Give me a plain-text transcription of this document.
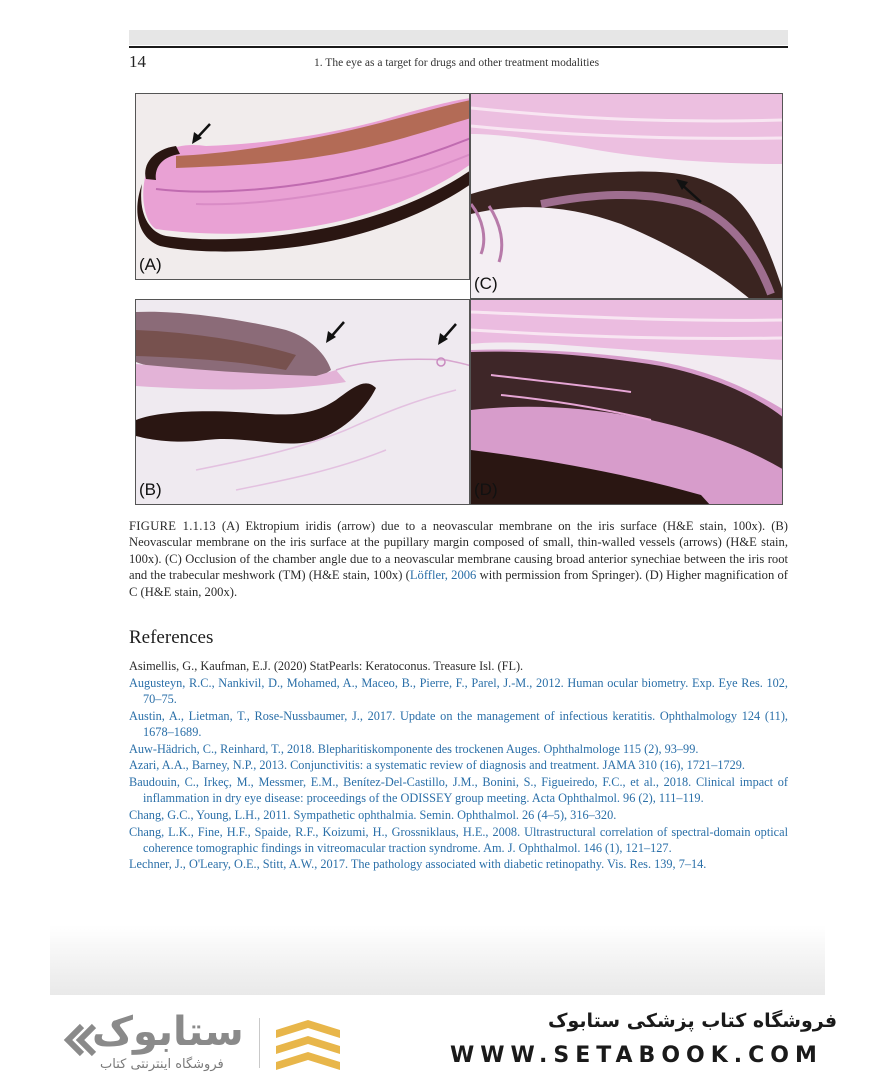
14	1. The eye as a target for drugs and other treatment modalities
(A)
(B)
(C)
(D)
FIGURE 1.1.13 (A) Ektropium iridis (arrow) due to a neovascular membrane on the iris surface (H&E stain, 100x). (B) Neovascular membrane on the iris surface at the pupillary margin composed of small, thin-walled vessels (arrows) (H&E stain, 100x). (C) Occlusion of the chamber angle due to a neovascular membrane causing broad anterior synechiae between the iris root and the trabecular meshwork (TM) (H&E stain, 100x) (Löffler, 2006 with permission from Springer). (D) Higher magnification of C (H&E stain, 200x).
References
Asimellis, G., Kaufman, E.J. (2020) StatPearls: Keratoconus. Treasure Isl. (FL).
Augusteyn, R.C., Nankivil, D., Mohamed, A., Maceo, B., Pierre, F., Parel, J.-M., 2012. Human ocular biometry. Exp. Eye Res. 102, 70–75.
Austin, A., Lietman, T., Rose-Nussbaumer, J., 2017. Update on the management of infectious keratitis. Ophthalmology 124 (11), 1678–1689.
Auw-Hädrich, C., Reinhard, T., 2018. Blepharitiskomponente des trockenen Auges. Ophthalmologe 115 (2), 93–99.
Azari, A.A., Barney, N.P., 2013. Conjunctivitis: a systematic review of diagnosis and treatment. JAMA 310 (16), 1721–1729.
Baudouin, C., Irkeç, M., Messmer, E.M., Benítez-Del-Castillo, J.M., Bonini, S., Figueiredo, F.C., et al., 2018. Clinical impact of inflammation in dry eye disease: proceedings of the ODISSEY group meeting. Acta Ophthalmol. 96 (2), 111–119.
Chang, G.C., Young, L.H., 2011. Sympathetic ophthalmia. Semin. Ophthalmol. 26 (4–5), 316–320.
Chang, L.K., Fine, H.F., Spaide, R.F., Koizumi, H., Grossniklaus, H.E., 2008. Ultrastructural correlation of spectral-domain optical coherence tomographic findings in vitreomacular traction syndrome. Am. J. Ophthalmol. 146 (1), 121–127.
Lechner, J., O'Leary, O.E., Stitt, A.W., 2017. The pathology associated with diabetic retinopathy. Vis. Res. 139, 7–14.
ستابوک
فروشگاه اینترنتی کتاب
فروشگاه کتاب پزشکی ستابوک
WWW.SETABOOK.COM
